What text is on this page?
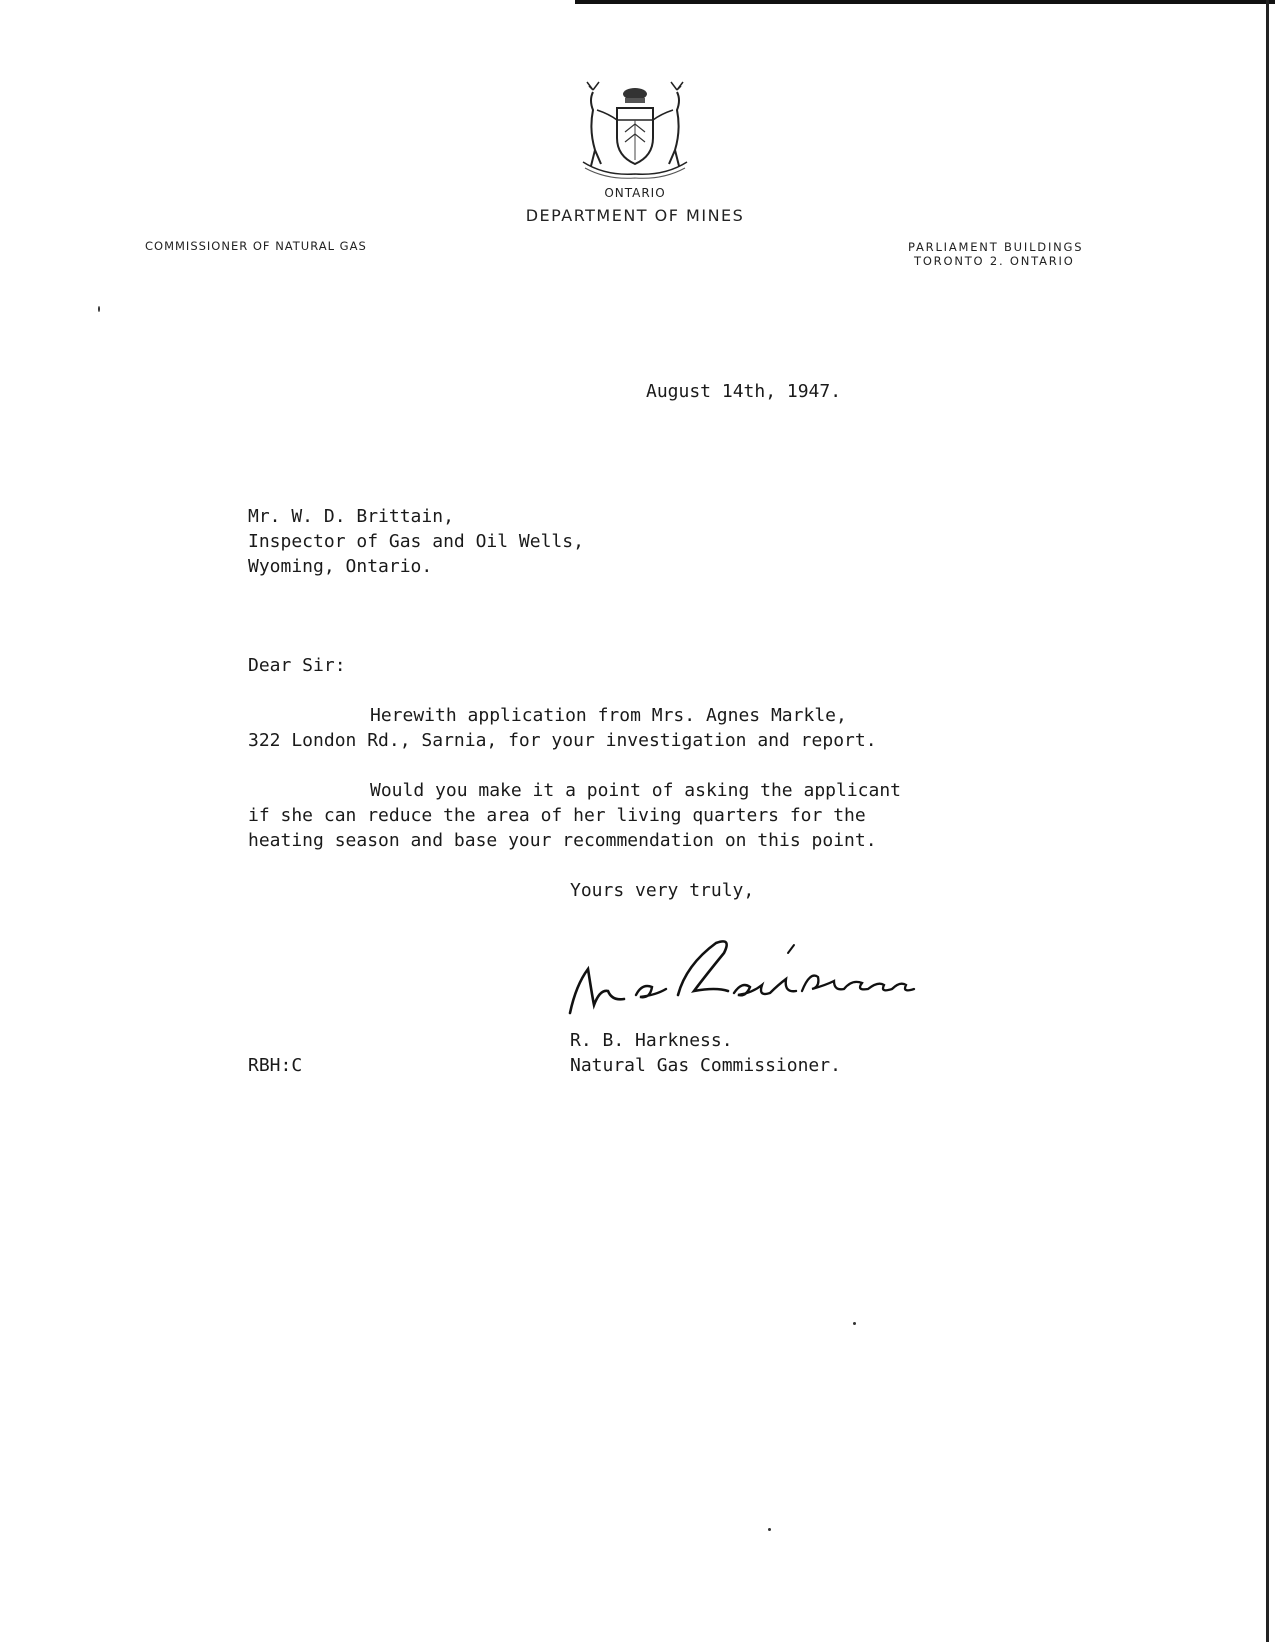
ONTARIO
DEPARTMENT OF MINES
COMMISSIONER OF NATURAL GAS	PARLIAMENT BUILDINGS
TORONTO 2. ONTARIO
August 14th, 1947.
Mr. W. D. Brittain,
Inspector of Gas and Oil Wells,
Wyoming, Ontario.
Dear Sir:
Herewith application from Mrs. Agnes Markle,
322 London Rd., Sarnia, for your investigation and report.
Would you make it a point of asking the applicant
if she can reduce the area of her living quarters for the
heating season and base your recommendation on this point.
Yours very truly,
R. B. Harkness.
RBH:C	Natural Gas Commissioner.
